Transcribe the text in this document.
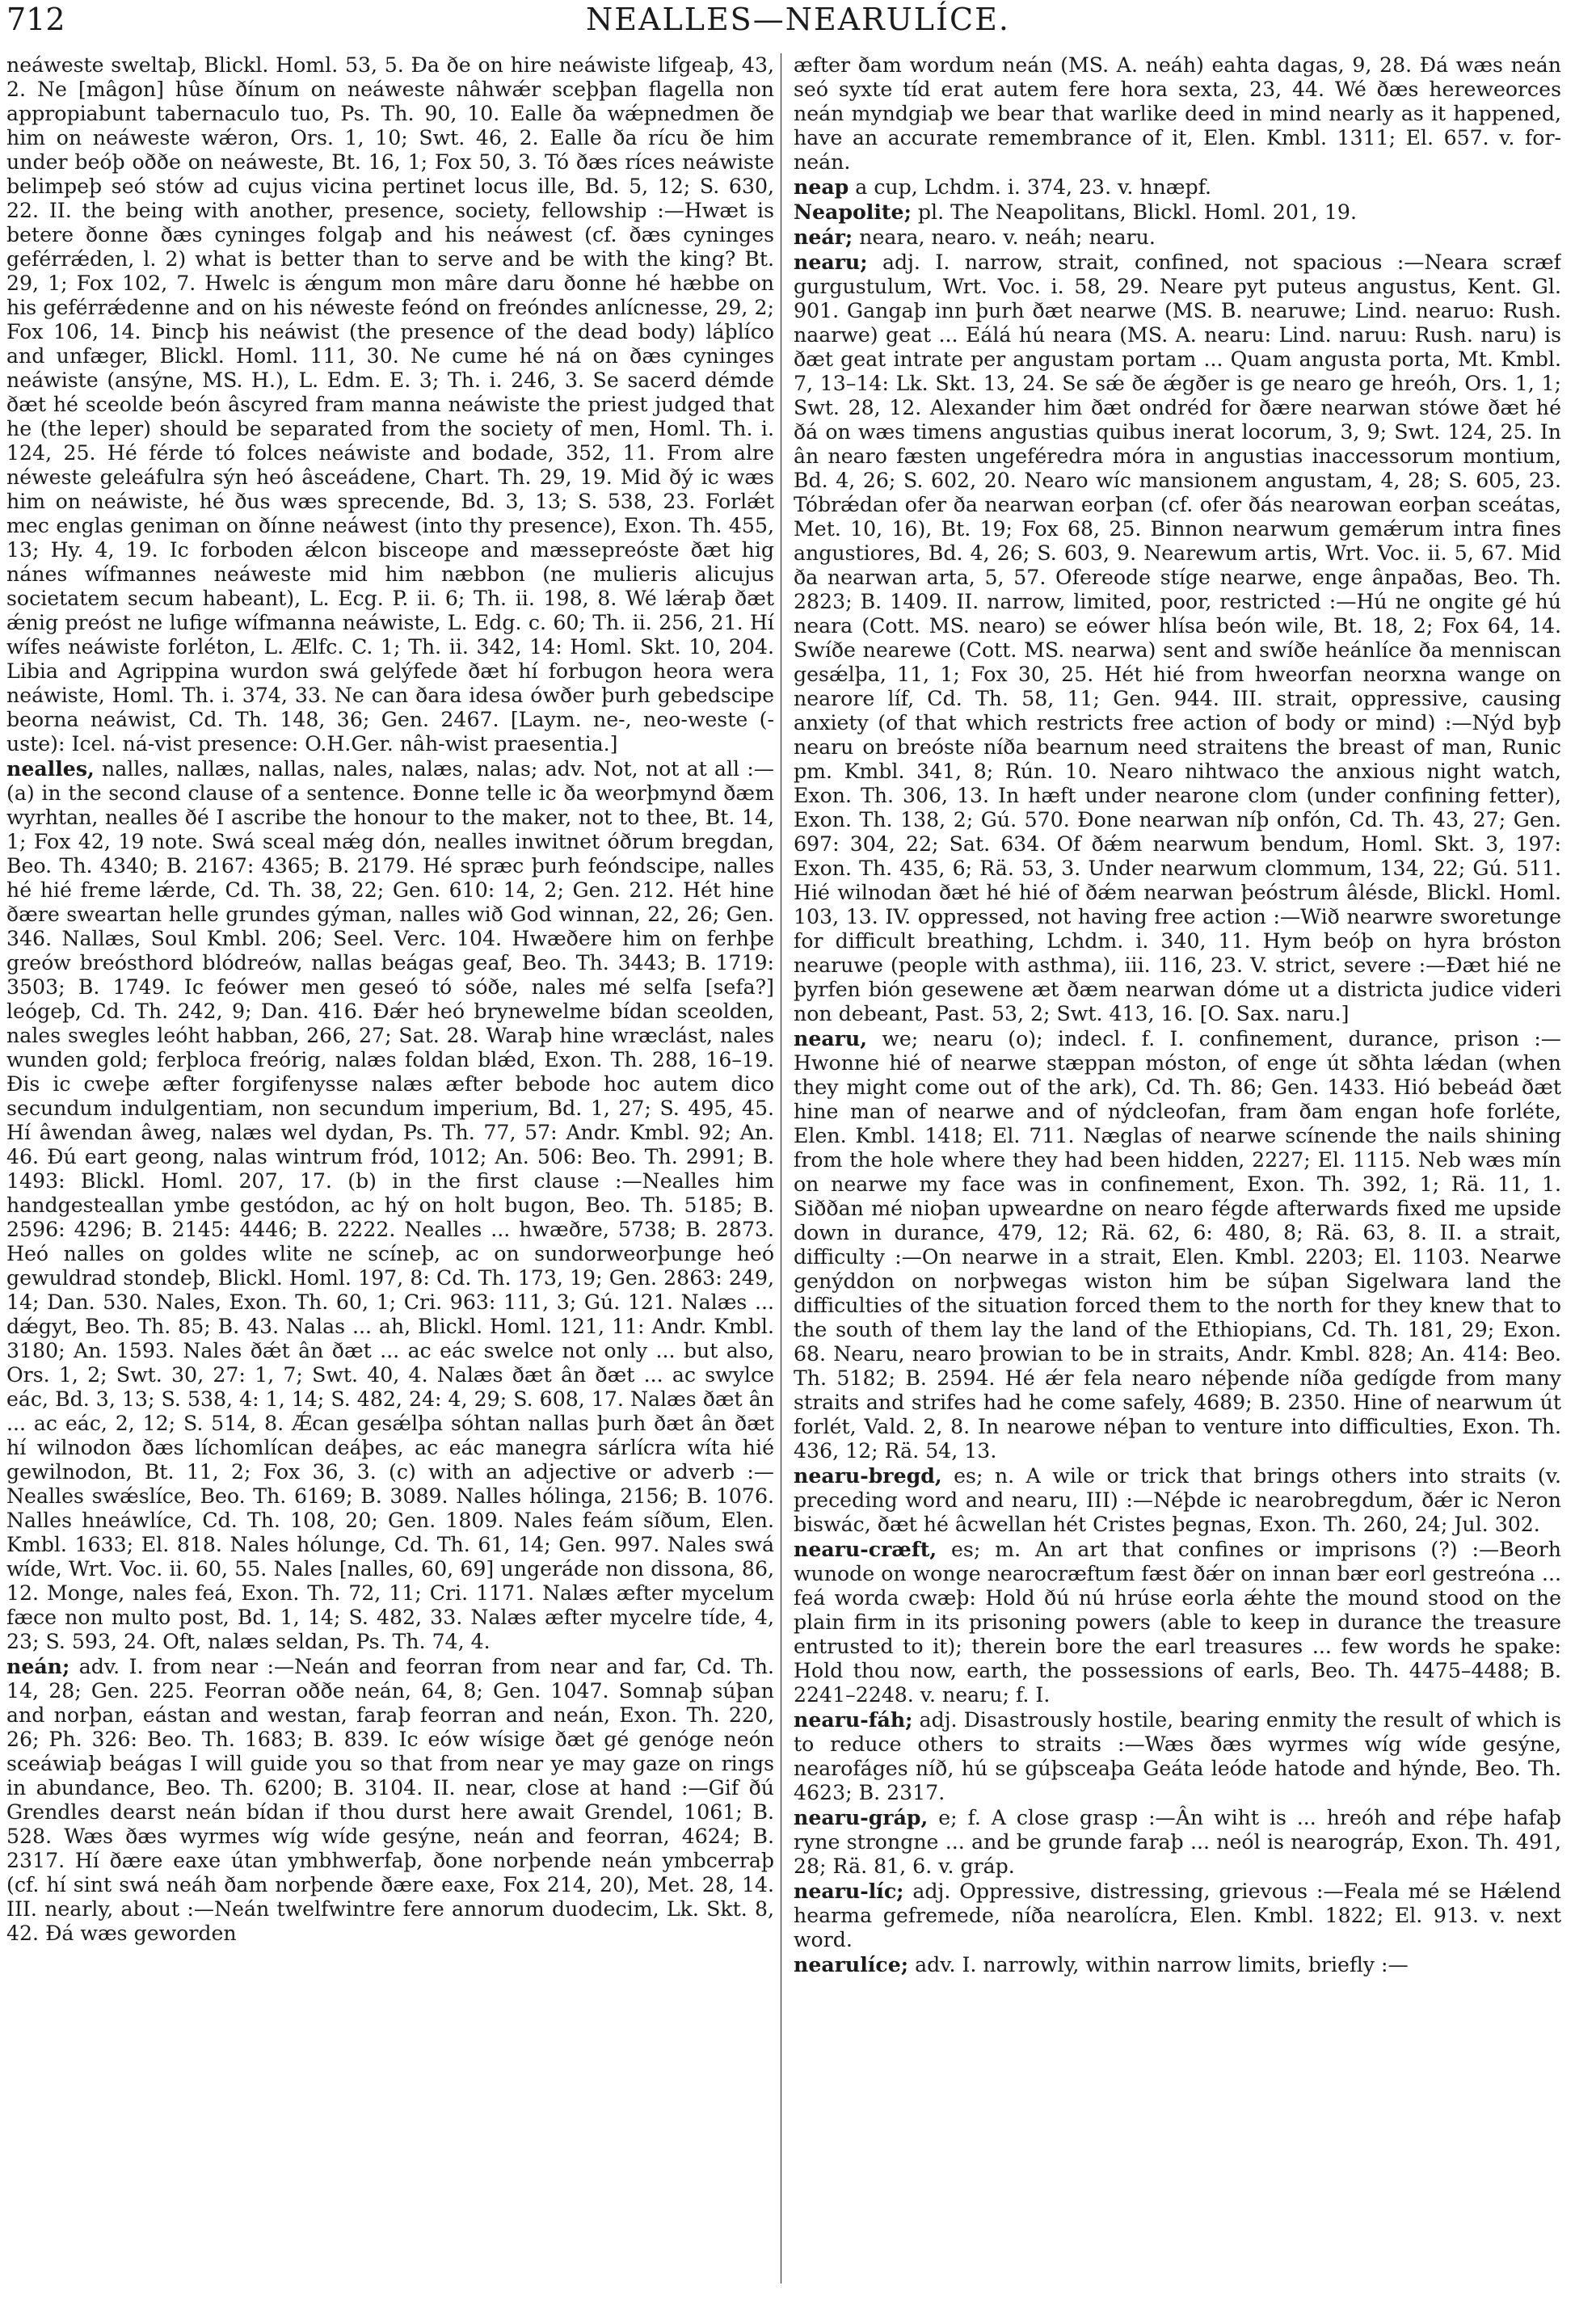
712	NEALLES—NEARULÍCE.

neáweste sweltaþ, Blickl. Homl. 53, 5. Ða ðe on hire neáwiste lifgeaþ, 43, 2. Ne [mâgon] hûse ðínum on neáweste nâhwǽr sceþþan flagella non appropiabunt tabernaculo tuo, Ps. Th. 90, 10. Ealle ða wǽpnedmen ðe him on neáweste wǽron, Ors. 1, 10; Swt. 46, 2. Ealle ða rícu ðe him under beóþ oððe on neáweste, Bt. 16, 1; Fox 50, 3. Tó ðæs ríces neáwiste belimpeþ seó stów ad cujus vicina pertinet locus ille, Bd. 5, 12; S. 630, 22. II. the being with another, presence, society, fellowship :—Hwæt is betere ðonne ðæs cyninges folgaþ and his neáwest (cf. ðæs cyninges geférrǽden, l. 2) what is better than to serve and be with the king? Bt. 29, 1; Fox 102, 7. Hwelc is ǽngum mon mâre daru ðonne hé hæbbe on his geférrǽdenne and on his néweste feónd on freóndes anlícnesse, 29, 2; Fox 106, 14. Þincþ his neáwist (the presence of the dead body) láþlíco and unfæger, Blickl. Homl. 111, 30. Ne cume hé ná on ðæs cyninges neáwiste (ansýne, MS. H.), L. Edm. E. 3; Th. i. 246, 3. Se sacerd démde ðæt hé sceolde beón âscyred fram manna neáwiste the priest judged that he (the leper) should be separated from the society of men, Homl. Th. i. 124, 25. Hé férde tó folces neáwiste and bodade, 352, 11. From alre néweste geleáfulra sýn heó âsceádene, Chart. Th. 29, 19. Mid ðý ic wæs him on neáwiste, hé ðus wæs sprecende, Bd. 3, 13; S. 538, 23. Forlǽt mec englas geniman on ðínne neáwest (into thy presence), Exon. Th. 455, 13; Hy. 4, 19. Ic forboden ǽlcon bisceope and mæssepreóste ðæt hig nánes wífmannes neáweste mid him næbbon (ne mulieris alicujus societatem secum habeant), L. Ecg. P. ii. 6; Th. ii. 198, 8. Wé lǽraþ ðæt ǽnig preóst ne lufige wífmanna neáwiste, L. Edg. c. 60; Th. ii. 256, 21. Hí wífes neáwiste forléton, L. Ælfc. C. 1; Th. ii. 342, 14: Homl. Skt. 10, 204. Libia and Agrippina wurdon swá gelýfede ðæt hí forbugon heora wera neáwiste, Homl. Th. i. 374, 33. Ne can ðara idesa ówðer þurh gebedscipe beorna neáwist, Cd. Th. 148, 36; Gen. 2467. [Laym. ne-, neo-weste (-uste): Icel. ná-vist presence: O.H.Ger. nâh-wist praesentia.]

nealles, nalles, nallæs, nallas, nales, nalæs, nalas; adv. Not, not at all :—(a) in the second clause of a sentence. Ðonne telle ic ða weorþmynd ðæm wyrhtan, nealles ðé I ascribe the honour to the maker, not to thee, Bt. 14, 1; Fox 42, 19 note. Swá sceal mǽg dón, nealles inwitnet óðrum bregdan, Beo. Th. 4340; B. 2167: 4365; B. 2179. Hé spræc þurh feóndscipe, nalles hé hié freme lǽrde, Cd. Th. 38, 22; Gen. 610: 14, 2; Gen. 212. Hét hine ðære sweartan helle grundes gýman, nalles wið God winnan, 22, 26; Gen. 346. Nallæs, Soul Kmbl. 206; Seel. Verc. 104. Hwæðere him on ferhþe greów breósthord blódreów, nallas beágas geaf, Beo. Th. 3443; B. 1719: 3503; B. 1749. Ic feówer men geseó tó sóðe, nales mé selfa [sefa?] leógeþ, Cd. Th. 242, 9; Dan. 416. Ðǽr heó brynewelme bídan sceolden, nales swegles leóht habban, 266, 27; Sat. 28. Waraþ hine wræclást, nales wunden gold; ferþloca freórig, nalæs foldan blǽd, Exon. Th. 288, 16–19. Ðis ic cweþe æfter forgifenysse nalæs æfter bebode hoc autem dico secundum indulgentiam, non secundum imperium, Bd. 1, 27; S. 495, 45. Hí âwendan âweg, nalæs wel dydan, Ps. Th. 77, 57: Andr. Kmbl. 92; An. 46. Ðú eart geong, nalas wintrum fród, 1012; An. 506: Beo. Th. 2991; B. 1493: Blickl. Homl. 207, 17. (b) in the first clause :—Nealles him handgesteallan ymbe gestódon, ac hý on holt bugon, Beo. Th. 5185; B. 2596: 4296; B. 2145: 4446; B. 2222. Nealles ... hwæðre, 5738; B. 2873. Heó nalles on goldes wlite ne scíneþ, ac on sundorweorþunge heó gewuldrad stondeþ, Blickl. Homl. 197, 8: Cd. Th. 173, 19; Gen. 2863: 249, 14; Dan. 530. Nales, Exon. Th. 60, 1; Cri. 963: 111, 3; Gú. 121. Nalæs ... dǽgyt, Beo. Th. 85; B. 43. Nalas ... ah, Blickl. Homl. 121, 11: Andr. Kmbl. 3180; An. 1593. Nales ðǽt ân ðæt ... ac eác swelce not only ... but also, Ors. 1, 2; Swt. 30, 27: 1, 7; Swt. 40, 4. Nalæs ðæt ân ðæt ... ac swylce eác, Bd. 3, 13; S. 538, 4: 1, 14; S. 482, 24: 4, 29; S. 608, 17. Nalæs ðæt ân ... ac eác, 2, 12; S. 514, 8. Ǽcan gesǽlþa sóhtan nallas þurh ðæt ân ðæt hí wilnodon ðæs líchomlícan deáþes, ac eác manegra sárlícra wíta hié gewilnodon, Bt. 11, 2; Fox 36, 3. (c) with an adjective or adverb :—Nealles swǽslíce, Beo. Th. 6169; B. 3089. Nalles hólinga, 2156; B. 1076. Nalles hneáwlíce, Cd. Th. 108, 20; Gen. 1809. Nales feám síðum, Elen. Kmbl. 1633; El. 818. Nales hólunge, Cd. Th. 61, 14; Gen. 997. Nales swá wíde, Wrt. Voc. ii. 60, 55. Nales [nalles, 60, 69] ungeráde non dissona, 86, 12. Monge, nales feá, Exon. Th. 72, 11; Cri. 1171. Nalæs æfter mycelum fæce non multo post, Bd. 1, 14; S. 482, 33. Nalæs æfter mycelre tíde, 4, 23; S. 593, 24. Oft, nalæs seldan, Ps. Th. 74, 4.

neán; adv. I. from near :—Neán and feorran from near and far, Cd. Th. 14, 28; Gen. 225. Feorran oððe neán, 64, 8; Gen. 1047. Somnaþ súþan and norþan, eástan and westan, faraþ feorran and neán, Exon. Th. 220, 26; Ph. 326: Beo. Th. 1683; B. 839. Ic eów wísige ðæt gé genóge neón sceáwiaþ beágas I will guide you so that from near ye may gaze on rings in abundance, Beo. Th. 6200; B. 3104. II. near, close at hand :—Gif ðú Grendles dearst neán bídan if thou durst here await Grendel, 1061; B. 528. Wæs ðæs wyrmes wíg wíde gesýne, neán and feorran, 4624; B. 2317. Hí ðære eaxe útan ymbhwerfaþ, ðone norþende neán ymbcerraþ (cf. hí sint swá neáh ðam norþende ðære eaxe, Fox 214, 20), Met. 28, 14. III. nearly, about :—Neán twelfwintre fere annorum duodecim, Lk. Skt. 8, 42. Ðá wæs geworden

æfter ðam wordum neán (MS. A. neáh) eahta dagas, 9, 28. Ðá wæs neán seó syxte tíd erat autem fere hora sexta, 23, 44. Wé ðæs hereweorces neán myndgiaþ we bear that warlike deed in mind nearly as it happened, have an accurate remembrance of it, Elen. Kmbl. 1311; El. 657. v. for-neán.

neap a cup, Lchdm. i. 374, 23. v. hnæpf.

Neapolite; pl. The Neapolitans, Blickl. Homl. 201, 19.

neár; neara, nearo. v. neáh; nearu.

nearu; adj. I. narrow, strait, confined, not spacious :—Neara scræf gurgustulum, Wrt. Voc. i. 58, 29. Neare pyt puteus angustus, Kent. Gl. 901. Gangaþ inn þurh ðæt nearwe (MS. B. nearuwe; Lind. nearuo: Rush. naarwe) geat ... Eálá hú neara (MS. A. nearu: Lind. naruu: Rush. naru) is ðæt geat intrate per angustam portam ... Quam angusta porta, Mt. Kmbl. 7, 13–14: Lk. Skt. 13, 24. Se sǽ ðe ǽgðer is ge nearo ge hreóh, Ors. 1, 1; Swt. 28, 12. Alexander him ðæt ondréd for ðære nearwan stówe ðæt hé ðá on wæs timens angustias quibus inerat locorum, 3, 9; Swt. 124, 25. In ân nearo fæsten ungeféredra móra in angustias inaccessorum montium, Bd. 4, 26; S. 602, 20. Nearo wíc mansionem angustam, 4, 28; S. 605, 23. Tóbrǽdan ofer ða nearwan eorþan (cf. ofer ðás nearowan eorþan sceátas, Met. 10, 16), Bt. 19; Fox 68, 25. Binnon nearwum gemǽrum intra fines angustiores, Bd. 4, 26; S. 603, 9. Nearewum artis, Wrt. Voc. ii. 5, 67. Mid ða nearwan arta, 5, 57. Ofereode stíge nearwe, enge ânpaðas, Beo. Th. 2823; B. 1409. II. narrow, limited, poor, restricted :—Hú ne ongite gé hú neara (Cott. MS. nearo) se eówer hlísa beón wile, Bt. 18, 2; Fox 64, 14. Swíðe nearewe (Cott. MS. nearwa) sent and swíðe heánlíce ða menniscan gesǽlþa, 11, 1; Fox 30, 25. Hét hié from hweorfan neorxna wange on nearore líf, Cd. Th. 58, 11; Gen. 944. III. strait, oppressive, causing anxiety (of that which restricts free action of body or mind) :—Nýd byþ nearu on breóste níða bearnum need straitens the breast of man, Runic pm. Kmbl. 341, 8; Rún. 10. Nearo nihtwaco the anxious night watch, Exon. Th. 306, 13. In hæft under nearone clom (under confining fetter), Exon. Th. 138, 2; Gú. 570. Ðone nearwan níþ onfón, Cd. Th. 43, 27; Gen. 697: 304, 22; Sat. 634. Of ðǽm nearwum bendum, Homl. Skt. 3, 197: Exon. Th. 435, 6; Rä. 53, 3. Under nearwum clommum, 134, 22; Gú. 511. Hié wilnodan ðæt hé hié of ðǽm nearwan þeóstrum âlésde, Blickl. Homl. 103, 13. IV. oppressed, not having free action :—Wið nearwre sworetunge for difficult breathing, Lchdm. i. 340, 11. Hym beóþ on hyra bróston nearuwe (people with asthma), iii. 116, 23. V. strict, severe :—Ðæt hié ne þyrfen bión gesewene æt ðæm nearwan dóme ut a districta judice videri non debeant, Past. 53, 2; Swt. 413, 16. [O. Sax. naru.]

nearu, we; nearu (o); indecl. f. I. confinement, durance, prison :—Hwonne hié of nearwe stæppan móston, of enge út sðhta lǽdan (when they might come out of the ark), Cd. Th. 86; Gen. 1433. Hió bebeád ðæt hine man of nearwe and of nýdcleofan, fram ðam engan hofe forléte, Elen. Kmbl. 1418; El. 711. Næglas of nearwe scínende the nails shining from the hole where they had been hidden, 2227; El. 1115. Neb wæs mín on nearwe my face was in confinement, Exon. Th. 392, 1; Rä. 11, 1. Siððan mé nioþan upweardne on nearo fégde afterwards fixed me upside down in durance, 479, 12; Rä. 62, 6: 480, 8; Rä. 63, 8. II. a strait, difficulty :—On nearwe in a strait, Elen. Kmbl. 2203; El. 1103. Nearwe genýddon on norþwegas wiston him be súþan Sigelwara land the difficulties of the situation forced them to the north for they knew that to the south of them lay the land of the Ethiopians, Cd. Th. 181, 29; Exon. 68. Nearu, nearo þrowian to be in straits, Andr. Kmbl. 828; An. 414: Beo. Th. 5182; B. 2594. Hé ǽr fela nearo néþende níða gedígde from many straits and strifes had he come safely, 4689; B. 2350. Hine of nearwum út forlét, Vald. 2, 8. In nearowe néþan to venture into difficulties, Exon. Th. 436, 12; Rä. 54, 13.

nearu-bregd, es; n. A wile or trick that brings others into straits (v. preceding word and nearu, III) :—Néþde ic nearobregdum, ðǽr ic Neron biswác, ðæt hé âcwellan hét Cristes þegnas, Exon. Th. 260, 24; Jul. 302.

nearu-cræft, es; m. An art that confines or imprisons (?) :—Beorh wunode on wonge nearocræftum fæst ðǽr on innan bær eorl gestreóna ... feá worda cwæþ: Hold ðú nú hrúse eorla ǽhte the mound stood on the plain firm in its prisoning powers (able to keep in durance the treasure entrusted to it); therein bore the earl treasures ... few words he spake: Hold thou now, earth, the possessions of earls, Beo. Th. 4475–4488; B. 2241–2248. v. nearu; f. I.

nearu-fáh; adj. Disastrously hostile, bearing enmity the result of which is to reduce others to straits :—Wæs ðæs wyrmes wíg wíde gesýne, nearofáges níð, hú se gúþsceaþa Geáta leóde hatode and hýnde, Beo. Th. 4623; B. 2317.

nearu-gráp, e; f. A close grasp :—Ân wiht is ... hreóh and réþe hafaþ ryne strongne ... and be grunde faraþ ... neól is nearográp, Exon. Th. 491, 28; Rä. 81, 6. v. gráp.

nearu-líc; adj. Oppressive, distressing, grievous :—Feala mé se Hǽlend hearma gefremede, níða nearolícra, Elen. Kmbl. 1822; El. 913. v. next word.

nearulíce; adv. I. narrowly, within narrow limits, briefly :—
